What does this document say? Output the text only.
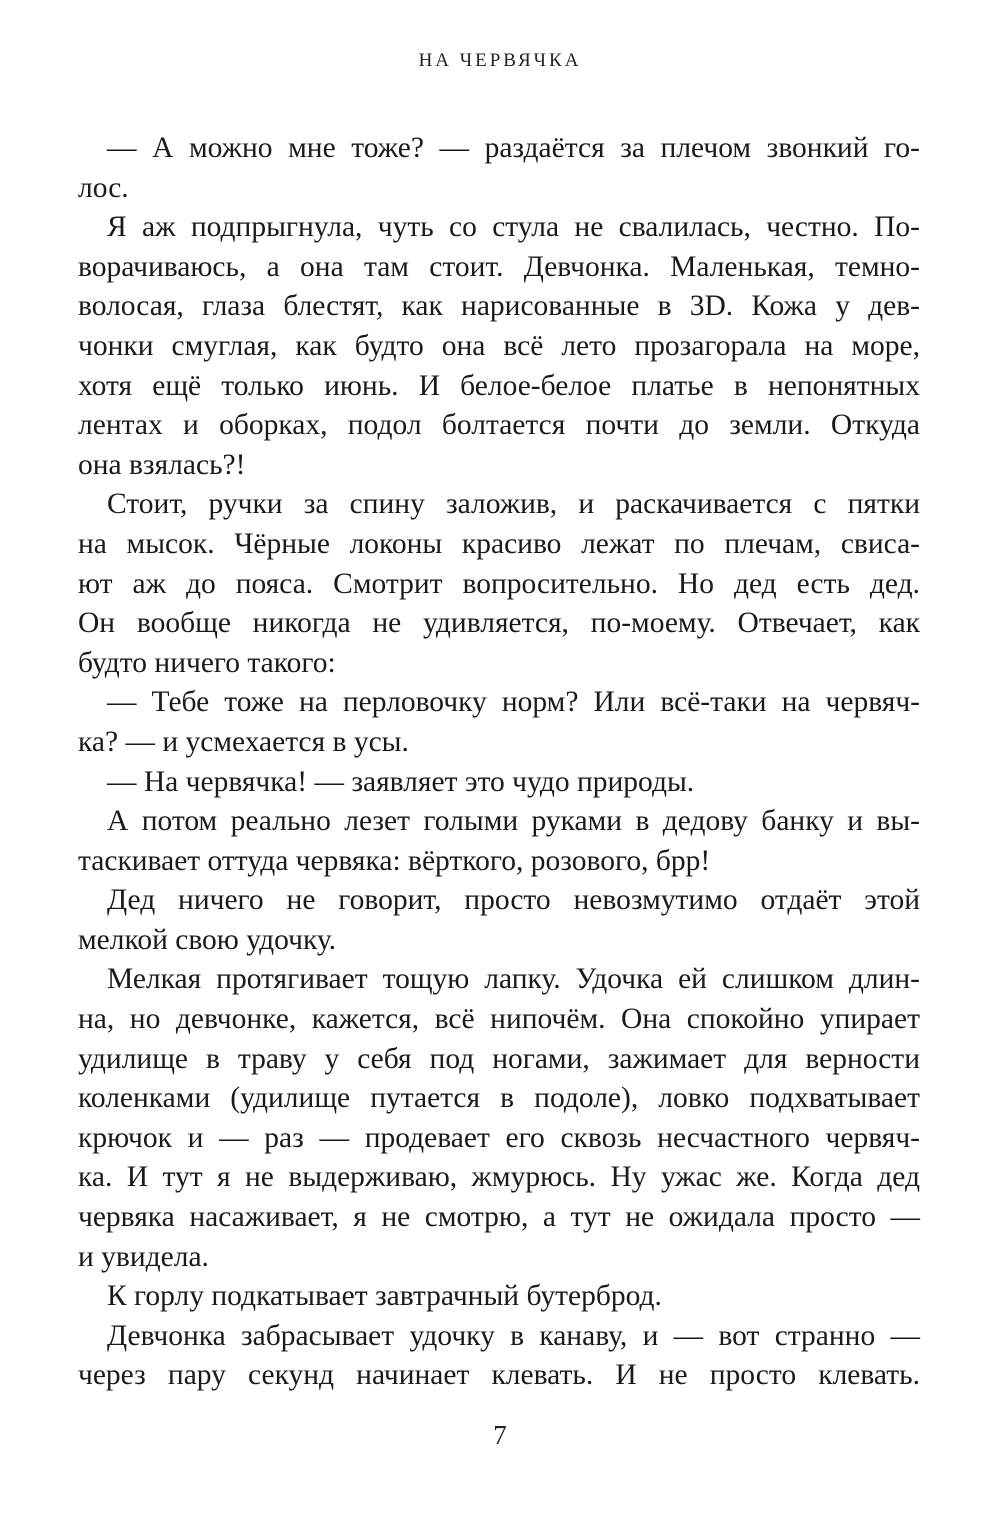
НА ЧЕРВЯЧКА
— А можно мне тоже? — раздаётся за плечом звонкий го-
лос.
Я аж подпрыгнула, чуть со стула не свалилась, честно. По-
ворачиваюсь, а она там стоит. Девчонка. Маленькая, темно-
волосая, глаза блестят, как нарисованные в 3D. Кожа у дев-
чонки смуглая, как будто она всё лето прозагорала на море,
хотя ещё только июнь. И белое-белое платье в непонятных
лентах и оборках, подол болтается почти до земли. Откуда
она взялась?!
Стоит, ручки за спину заложив, и раскачивается с пятки
на мысок. Чёрные локоны красиво лежат по плечам, свиса-
ют аж до пояса. Смотрит вопросительно. Но дед есть дед.
Он вообще никогда не удивляется, по-моему. Отвечает, как
будто ничего такого:
— Тебе тоже на перловочку норм? Или всё-таки на червяч-
ка? — и усмехается в усы.
— На червячка! — заявляет это чудо природы.
А потом реально лезет голыми руками в дедову банку и вы-
таскивает оттуда червяка: вёрткого, розового, брр!
Дед ничего не говорит, просто невозмутимо отдаёт этой
мелкой свою удочку.
Мелкая протягивает тощую лапку. Удочка ей слишком длин-
на, но девчонке, кажется, всё нипочём. Она спокойно упирает
удилище в траву у себя под ногами, зажимает для верности
коленками (удилище путается в подоле), ловко подхватывает
крючок и — раз — продевает его сквозь несчастного червяч-
ка. И тут я не выдерживаю, жмурюсь. Ну ужас же. Когда дед
червяка насаживает, я не смотрю, а тут не ожидала просто —
и увидела.
К горлу подкатывает завтрачный бутерброд.
Девчонка забрасывает удочку в канаву, и — вот странно —
через пару секунд начинает клевать. И не просто клевать.
7
